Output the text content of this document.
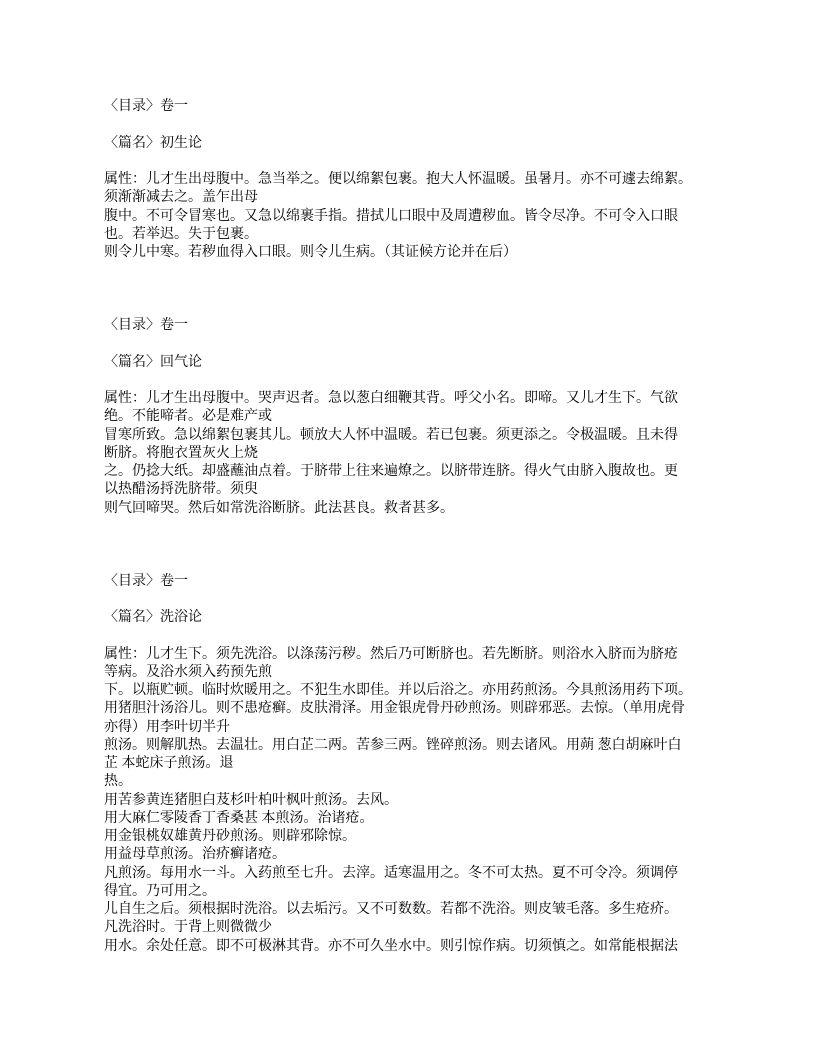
〈目录〉卷一
〈篇名〉初生论
属性：儿才生出母腹中。急当举之。便以绵絮包裹。抱大人怀温暖。虽暑月。亦不可遽去绵絮。
须渐渐减去之。盖乍出母
腹中。不可令冒寒也。又急以绵裹手指。措拭儿口眼中及周遭秽血。皆令尽净。不可令入口眼
也。若举迟。失于包裹。
则令儿中寒。若秽血得入口眼。则令儿生病。（其证候方论并在后）
〈目录〉卷一
〈篇名〉回气论
属性：儿才生出母腹中。哭声迟者。急以葱白细鞭其背。呼父小名。即啼。又儿才生下。气欲
绝。不能啼者。必是难产或
冒寒所致。急以绵絮包裹其儿。顿放大人怀中温暖。若已包裹。须更添之。令极温暖。且未得
断脐。将胞衣置灰火上烧
之。仍捻大纸。却盛蘸油点着。于脐带上往来遍燎之。以脐带连脐。得火气由脐入腹故也。更
以热醋汤捋洗脐带。须臾
则气回啼哭。然后如常洗浴断脐。此法甚良。救者甚多。
〈目录〉卷一
〈篇名〉洗浴论
属性：儿才生下。须先洗浴。以涤荡污秽。然后乃可断脐也。若先断脐。则浴水入脐而为脐疮
等病。及浴水须入药预先煎
下。以瓶贮顿。临时炊暖用之。不犯生水即佳。并以后浴之。亦用药煎汤。今具煎汤用药下项。
用猪胆汁汤浴儿。则不患疮癣。皮肤滑泽。用金银虎骨丹砂煎汤。则辟邪恶。去惊。（单用虎骨
亦得）用李叶切半升
煎汤。则解肌热。去温壮。用白芷二两。苦参三两。锉碎煎汤。则去诸风。用蒴 葱白胡麻叶白
芷 本蛇床子煎汤。退
热。
用苦参黄连猪胆白芨杉叶柏叶枫叶煎汤。去风。
用大麻仁零陵香丁香桑甚 本煎汤。治诸疮。
用金银桃奴雄黄丹砂煎汤。则辟邪除惊。
用益母草煎汤。治疥癣诸疮。
凡煎汤。每用水一斗。入药煎至七升。去滓。适寒温用之。冬不可太热。夏不可令冷。须调停
得宜。乃可用之。
儿自生之后。须根据时洗浴。以去垢污。又不可数数。若都不洗浴。则皮皱毛落。多生疮疥。
凡洗浴时。于背上则微微少
用水。余处任意。即不可极淋其背。亦不可久坐水中。则引惊作病。切须慎之。如常能根据法
